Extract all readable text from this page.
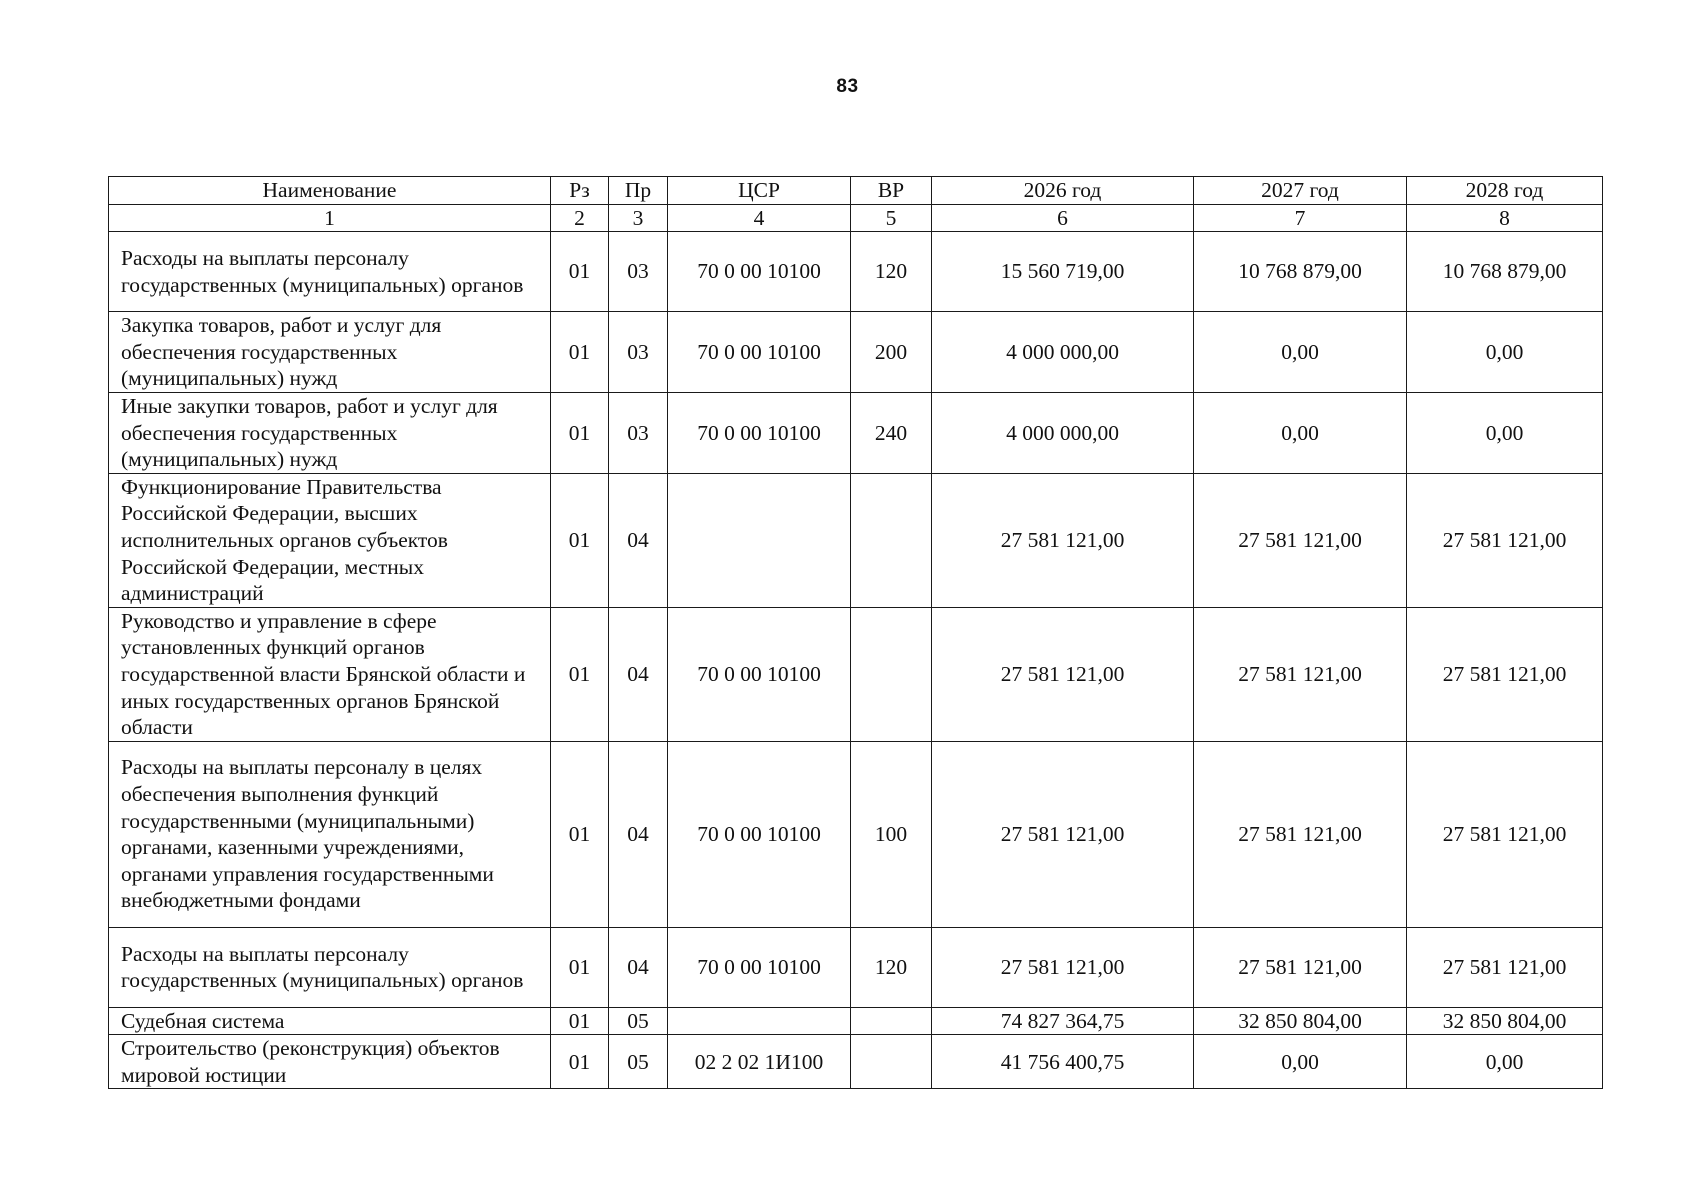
83
Наименование	Рз	Пр	ЦСР	ВР	2026 год	2027 год	2028 год
1	2	3	4	5	6	7	8
Расходы на выплаты персоналу государственных (муниципальных) органов	01	03	70 0 00 10100	120	15 560 719,00	10 768 879,00	10 768 879,00
Закупка товаров, работ и услуг для обеспечения государственных (муниципальных) нужд	01	03	70 0 00 10100	200	4 000 000,00	0,00	0,00
Иные закупки товаров, работ и услуг для обеспечения государственных (муниципальных) нужд	01	03	70 0 00 10100	240	4 000 000,00	0,00	0,00
Функционирование Правительства Российской Федерации, высших исполнительных органов субъектов Российской Федерации, местных администраций	01	04			27 581 121,00	27 581 121,00	27 581 121,00
Руководство и управление в сфере установленных функций органов государственной власти Брянской области и иных государственных органов Брянской области	01	04	70 0 00 10100		27 581 121,00	27 581 121,00	27 581 121,00
Расходы на выплаты персоналу в целях обеспечения выполнения функций государственными (муниципальными) органами, казенными учреждениями, органами управления государственными внебюджетными фондами	01	04	70 0 00 10100	100	27 581 121,00	27 581 121,00	27 581 121,00
Расходы на выплаты персоналу государственных (муниципальных) органов	01	04	70 0 00 10100	120	27 581 121,00	27 581 121,00	27 581 121,00
Судебная система	01	05			74 827 364,75	32 850 804,00	32 850 804,00
Строительство (реконструкция) объектов мировой юстиции	01	05	02 2 02 1И100		41 756 400,75	0,00	0,00
